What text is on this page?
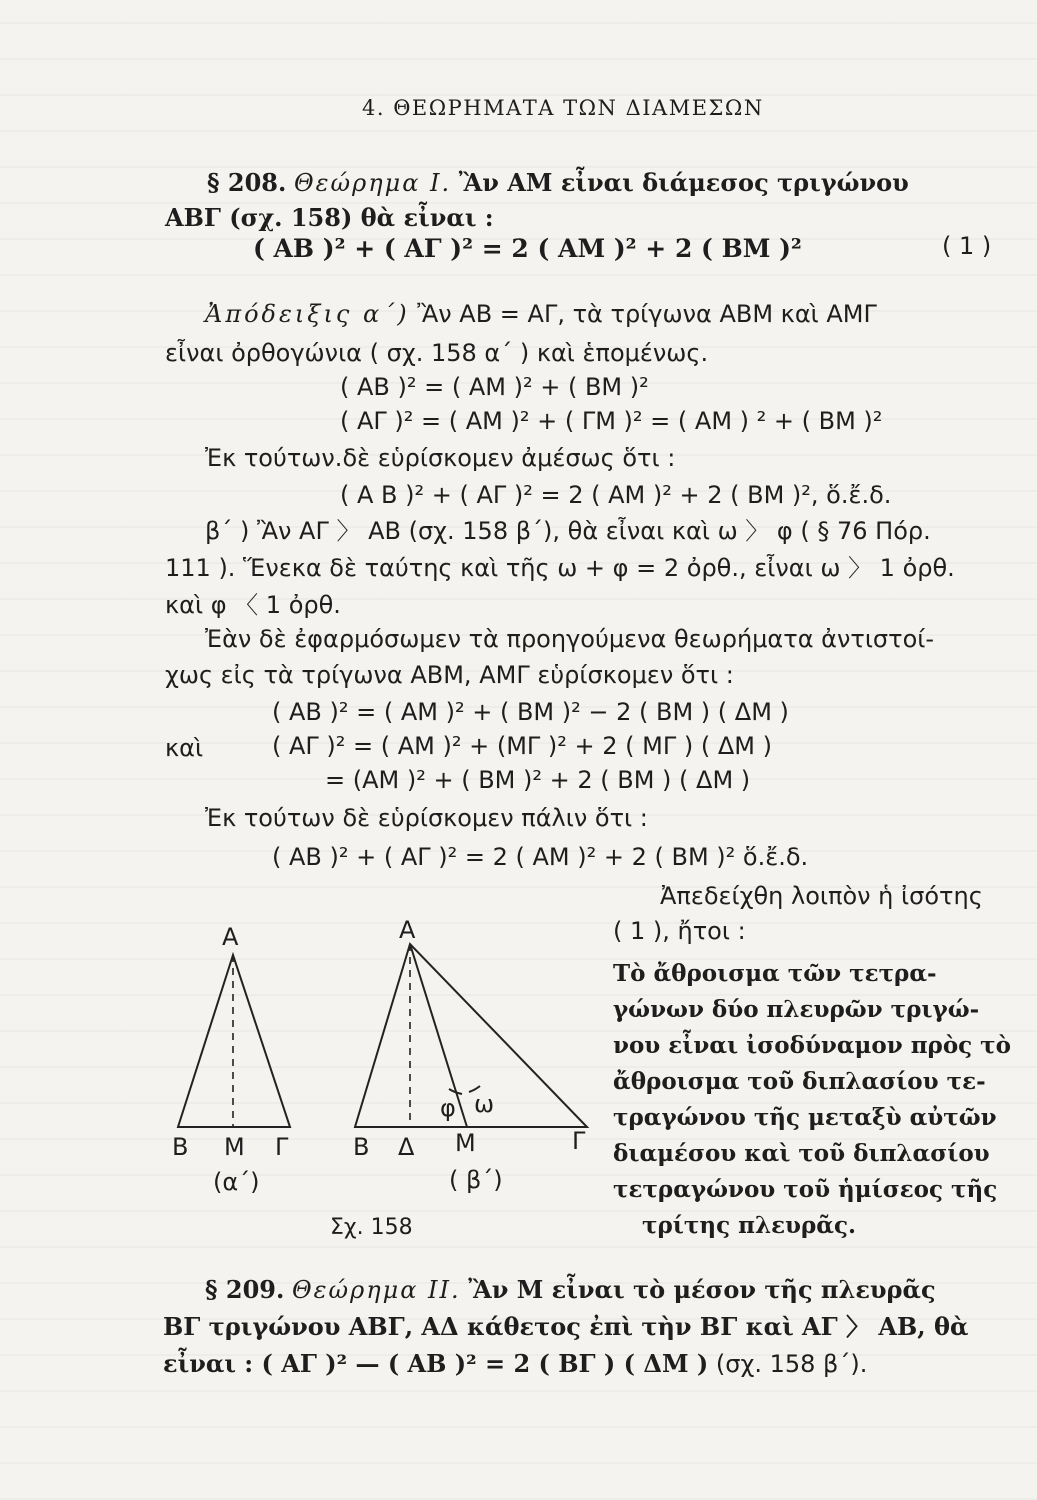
4. ΘΕΩΡΗΜΑΤΑ ΤΩΝ ΔΙΑΜΕΣΩΝ
§ 208. Θεώρημα Ι. Ἂν ΑΜ εἶναι διάμεσος τριγώνου
ΑΒΓ (σχ. 158) θὰ εἶναι :
( ΑΒ )² + ( ΑΓ )² = 2 ( ΑΜ )² + 2 ( ΒΜ )²	( 1 )
Ἀπόδειξις α΄) Ἂν ΑΒ = ΑΓ, τὰ τρίγωνα ΑΒΜ καὶ ΑΜΓ
εἶναι ὀρθογώνια ( σχ. 158 α΄ ) καὶ ἑπομένως.
( ΑΒ )² = ( ΑΜ )² + ( ΒΜ )²
( ΑΓ )² = ( ΑΜ )² + ( ΓΜ )² = ( ΑΜ ) ² + ( ΒΜ )²
Ἐκ τούτων.δὲ εὑρίσκομεν ἀμέσως ὅτι :
( Α Β )² + ( ΑΓ )² = 2 ( ΑΜ )² + 2 ( ΒΜ )², ὅ.ἔ.δ.
β΄ ) Ἂν ΑΓ 〉 ΑΒ (σχ. 158 β΄), θὰ εἶναι καὶ ω 〉 φ ( § 76 Πόρ.
111 ). Ἕνεκα δὲ ταύτης καὶ τῆς ω + φ = 2 ὀρθ., εἶναι ω 〉 1 ὀρθ.
καὶ φ 〈 1 ὀρθ.
Ἐὰν δὲ ἐφαρμόσωμεν τὰ προηγούμενα θεωρήματα ἀντιστοί-
χως εἰς τὰ τρίγωνα ΑΒΜ, ΑΜΓ εὑρίσκομεν ὅτι :
( ΑΒ )² = ( ΑΜ )² + ( ΒΜ )² − 2 ( ΒΜ ) ( ΔΜ )
καὶ	( ΑΓ )² = ( ΑΜ )² + (ΜΓ )² + 2 ( ΜΓ ) ( ΔΜ )
= (ΑΜ )² + ( ΒΜ )² + 2 ( ΒΜ ) ( ΔΜ )
Ἐκ τούτων δὲ εὑρίσκομεν πάλιν ὅτι :
( ΑΒ )² + ( ΑΓ )² = 2 ( ΑΜ )² + 2 ( ΒΜ )² ὅ.ἔ.δ.
Ἀπεδείχθη λοιπὸν ἡ ἰσότης
( 1 ), ἤτοι :
Τὸ ἄθροισμα τῶν τετρα-
γώνων δύο πλευρῶν τριγώ-
νου εἶναι ἰσοδύναμον πρὸς τὸ
ἄθροισμα τοῦ διπλασίου τε-
τραγώνου τῆς μεταξὺ αὐτῶν
διαμέσου καὶ τοῦ διπλασίου
τετραγώνου τοῦ ἡμίσεος τῆς
τρίτης πλευρᾶς.
Α
Β Μ Γ
(α΄)
Α
Β Δ Μ	Γ
φ ω
( β΄)
Σχ. 158
§ 209. Θεώρημα ΙΙ. Ἂν Μ εἶναι τὸ μέσον τῆς πλευρᾶς
ΒΓ τριγώνου ΑΒΓ, ΑΔ κάθετος ἐπὶ τὴν ΒΓ καὶ ΑΓ 〉 ΑΒ, θὰ
εἶναι : ( ΑΓ )² — ( ΑΒ )² = 2 ( ΒΓ ) ( ΔΜ ) (σχ. 158 β΄).
